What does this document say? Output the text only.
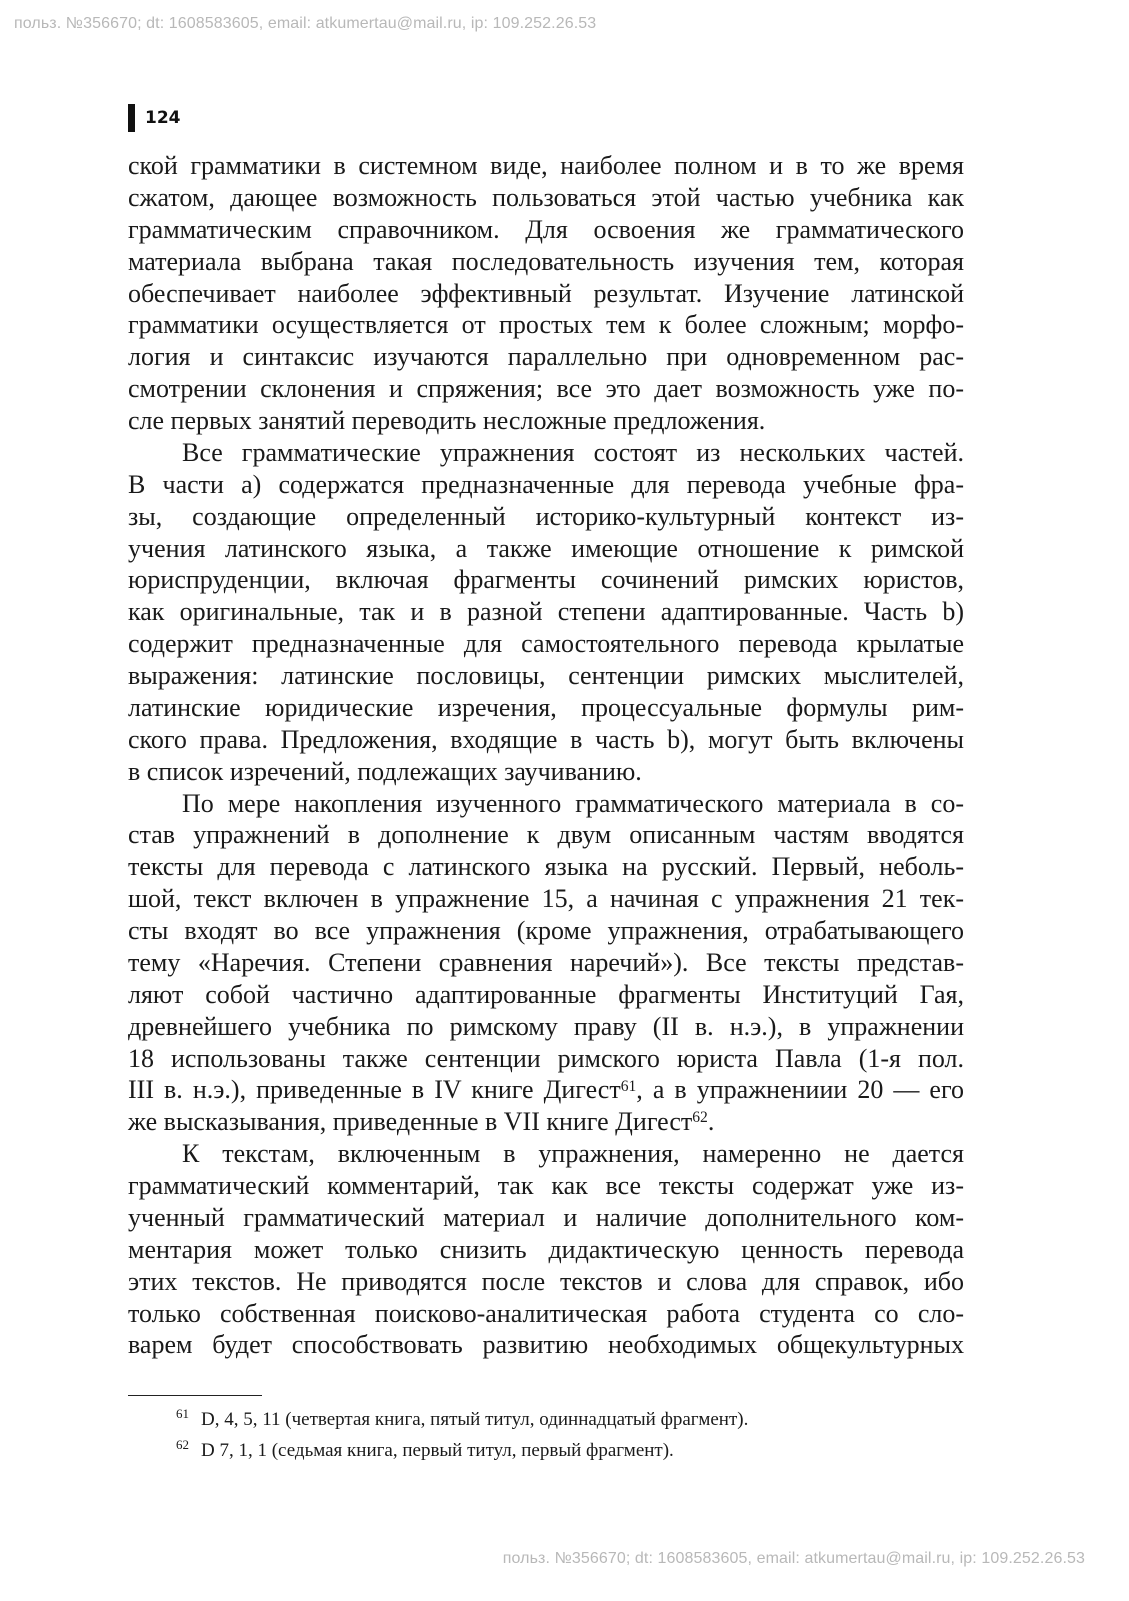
польз. №356670; dt: 1608583605, email: atkumertau@mail.ru, ip: 109.252.26.53
124
ской грамматики в системном виде, наиболее полном и в то же время
сжатом, дающее возможность пользоваться этой частью учебника как
грамматическим справочником. Для освоения же грамматического
материала выбрана такая последовательность изучения тем, которая
обеспечивает наиболее эффективный результат. Изучение латинской
грамматики осуществляется от простых тем к более сложным; морфо-
логия и синтаксис изучаются параллельно при одновременном рас-
смотрении склонения и спряжения; все это дает возможность уже по-
сле первых занятий переводить несложные предложения.
Все грамматические упражнения состоят из нескольких частей.
В части a) содержатся предназначенные для перевода учебные фра-
зы, создающие определенный историко-культурный контекст из-
учения латинского языка, а также имеющие отношение к римской
юриспруденции, включая фрагменты сочинений римских юристов,
как оригинальные, так и в разной степени адаптированные. Часть b)
содержит предназначенные для самостоятельного перевода крылатые
выражения: латинские пословицы, сентенции римских мыслителей,
латинские юридические изречения, процессуальные формулы рим-
ского права. Предложения, входящие в часть b), могут быть включены
в список изречений, подлежащих заучиванию.
По мере накопления изученного грамматического материала в со-
став упражнений в дополнение к двум описанным частям вводятся
тексты для перевода с латинского языка на русский. Первый, неболь-
шой, текст включен в упражнение 15, а начиная с упражнения 21 тек-
сты входят во все упражнения (кроме упражнения, отрабатывающего
тему «Наречия. Степени сравнения наречий»). Все тексты представ-
ляют собой частично адаптированные фрагменты Институций Гая,
древнейшего учебника по римскому праву (II в. н.э.), в упражнении
18 использованы также сентенции римского юриста Павла (1-я пол.
III в. н.э.), приведенные в IV книге Дигест$^{61}$, а в упражнениии 20 — его
же высказывания, приведенные в VII книге Дигест$^{62}$.
К текстам, включенным в упражнения, намеренно не дается
грамматический комментарий, так как все тексты содержат уже из-
ученный грамматический материал и наличие дополнительного ком-
ментария может только снизить дидактическую ценность перевода
этих текстов. Не приводятся после текстов и слова для справок, ибо
только собственная поисково-аналитическая работа студента со сло-
варем будет способствовать развитию необходимых общекультурных
$^{61}$ D, 4, 5, 11 (четвертая книга, пятый титул, одиннадцатый фрагмент).
$^{62}$ D 7, 1, 1 (седьмая книга, первый титул, первый фрагмент).
польз. №356670; dt: 1608583605, email: atkumertau@mail.ru, ip: 109.252.26.53
